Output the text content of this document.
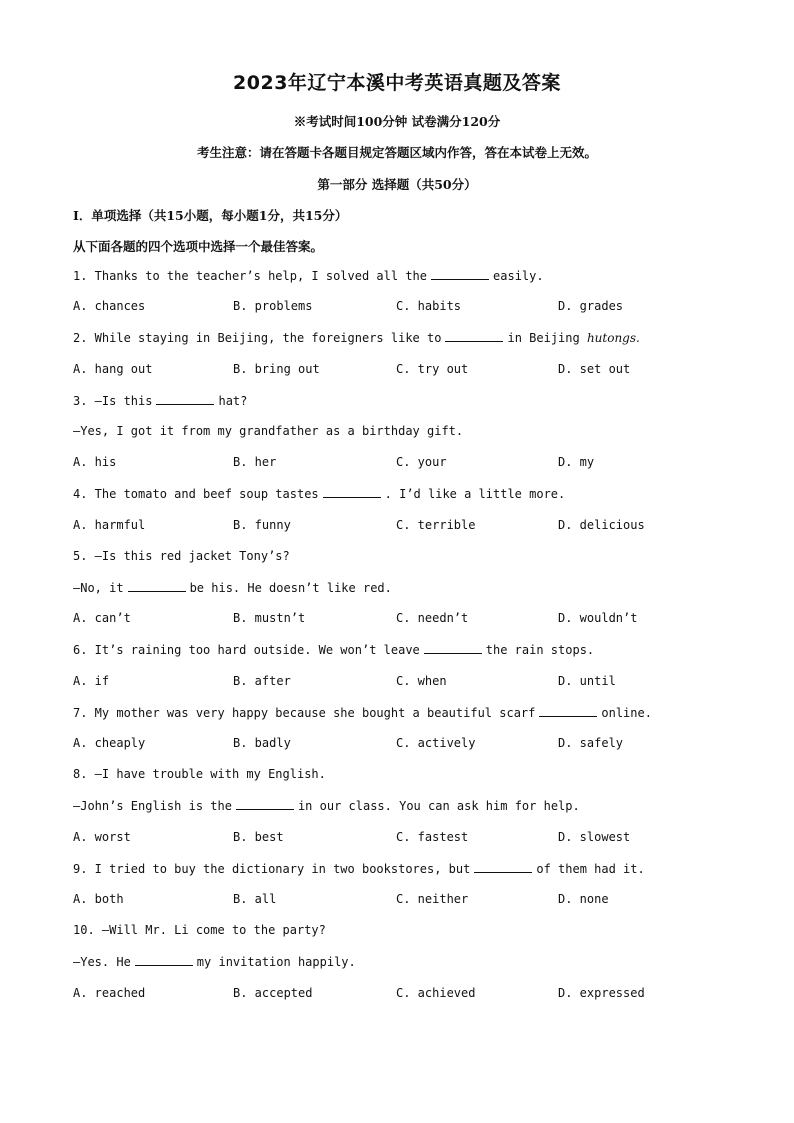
2023年辽宁本溪中考英语真题及答案
※考试时间100分钟 试卷满分120分
考生注意：请在答题卡各题目规定答题区域内作答，答在本试卷上无效。
第一部分 选择题（共50分）
Ⅰ．单项选择（共15小题，每小题1分，共15分）
从下面各题的四个选项中选择一个最佳答案。
1. Thanks to the teacher’s help, I solved all the	easily.
A. chances	B. problems	C. habits	D. grades
2. While staying in Beijing, the foreigners like to	in Beijing hutongs.
A. hang out	B. bring out	C. try out	D. set out
3. —Is this	hat?
—Yes, I got it from my grandfather as a birthday gift.
A. his	B. her	C. your	D. my
4. The tomato and beef soup tastes	. I’d like a little more.
A. harmful	B. funny	C. terrible	D. delicious
5. —Is this red jacket Tony’s?
—No, it	be his. He doesn’t like red.
A. can’t	B. mustn’t	C. needn’t	D. wouldn’t
6. It’s raining too hard outside. We won’t leave	the rain stops.
A. if	B. after	C. when	D. until
7. My mother was very happy because she bought a beautiful scarf	online.
A. cheaply	B. badly	C. actively	D. safely
8. —I have trouble with my English.
—John’s English is the	in our class. You can ask him for help.
A. worst	B. best	C. fastest	D. slowest
9. I tried to buy the dictionary in two bookstores, but	of them had it.
A. both	B. all	C. neither	D. none
10. —Will Mr. Li come to the party?
—Yes. He	my invitation happily.
A. reached	B. accepted	C. achieved	D. expressed
